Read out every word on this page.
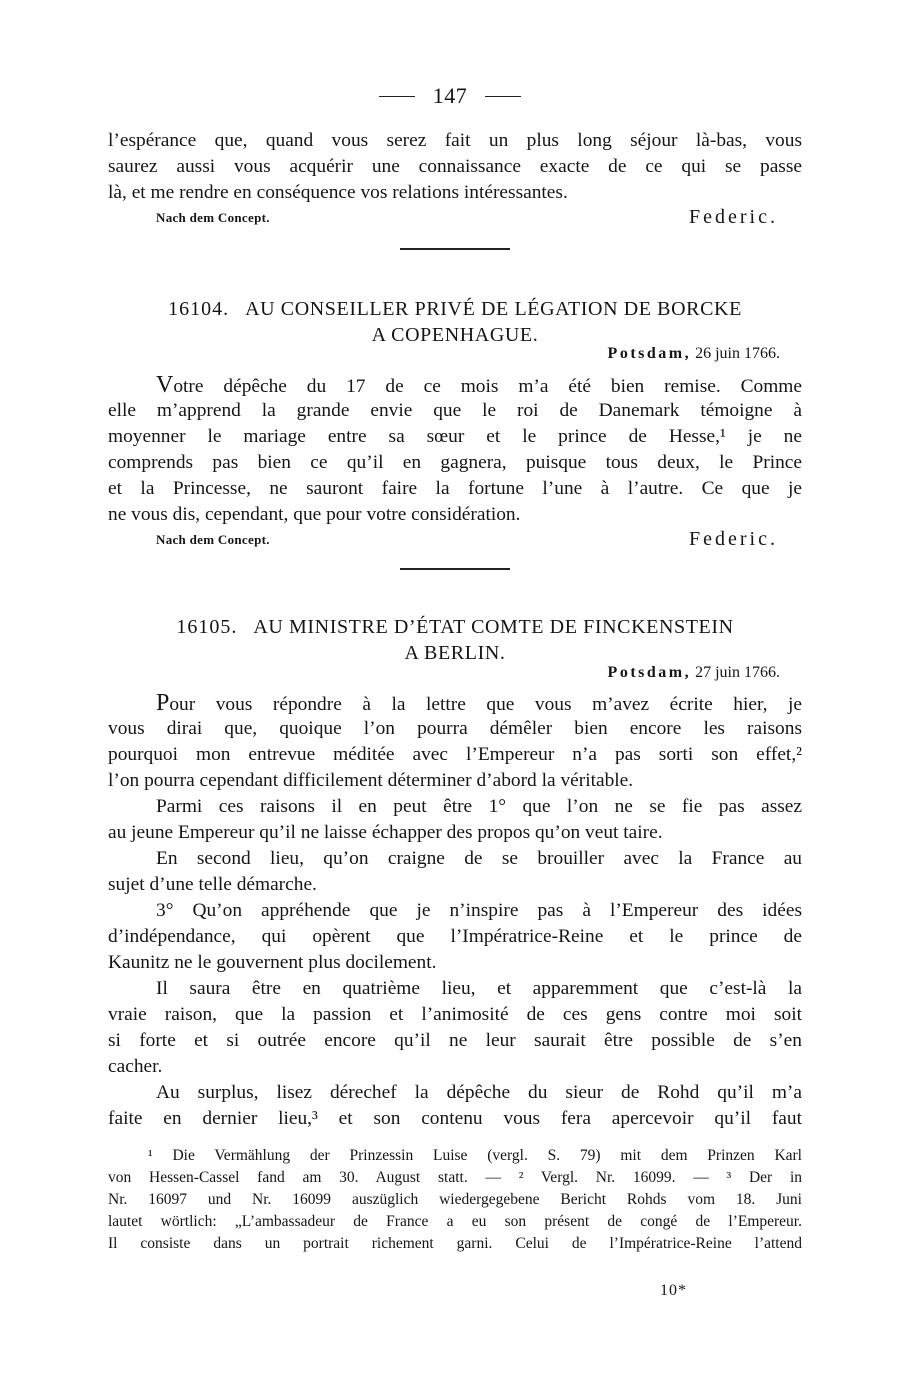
147
l’espérance que, quand vous serez fait un plus long séjour là-bas, vous
saurez aussi vous acquérir une connaissance exacte de ce qui se passe
là, et me rendre en conséquence vos relations intéressantes.
Nach dem Concept.	Federic.
16104. AU CONSEILLER PRIVÉ DE LÉGATION DE BORCKE
A COPENHAGUE.
Potsdam, 26 juin 1766.
Votre dépêche du 17 de ce mois m’a été bien remise. Comme
elle m’apprend la grande envie que le roi de Danemark témoigne à
moyenner le mariage entre sa sœur et le prince de Hesse,¹ je ne
comprends pas bien ce qu’il en gagnera, puisque tous deux, le Prince
et la Princesse, ne sauront faire la fortune l’une à l’autre. Ce que je
ne vous dis, cependant, que pour votre considération.
Nach dem Concept.	Federic.
16105. AU MINISTRE D’ÉTAT COMTE DE FINCKENSTEIN
A BERLIN.
Potsdam, 27 juin 1766.
Pour vous répondre à la lettre que vous m’avez écrite hier, je
vous dirai que, quoique l’on pourra démêler bien encore les raisons
pourquoi mon entrevue méditée avec l’Empereur n’a pas sorti son effet,²
l’on pourra cependant difficilement déterminer d’abord la véritable.
Parmi ces raisons il en peut être 1° que l’on ne se fie pas assez
au jeune Empereur qu’il ne laisse échapper des propos qu’on veut taire.
En second lieu, qu’on craigne de se brouiller avec la France au
sujet d’une telle démarche.
3° Qu’on appréhende que je n’inspire pas à l’Empereur des idées
d’indépendance, qui opèrent que l’Impératrice-Reine et le prince de
Kaunitz ne le gouvernent plus docilement.
Il saura être en quatrième lieu, et apparemment que c’est-là la
vraie raison, que la passion et l’animosité de ces gens contre moi soit
si forte et si outrée encore qu’il ne leur saurait être possible de s’en
cacher.
Au surplus, lisez dérechef la dépêche du sieur de Rohd qu’il m’a
faite en dernier lieu,³ et son contenu vous fera apercevoir qu’il faut
¹ Die Vermählung der Prinzessin Luise (vergl. S. 79) mit dem Prinzen Karl
von Hessen-Cassel fand am 30. August statt. — ² Vergl. Nr. 16099. — ³ Der in
Nr. 16097 und Nr. 16099 auszüglich wiedergegebene Bericht Rohds vom 18. Juni
lautet wörtlich: „L’ambassadeur de France a eu son présent de congé de l’Empereur.
Il consiste dans un portrait richement garni. Celui de l’Impératrice-Reine l’attend
10*
